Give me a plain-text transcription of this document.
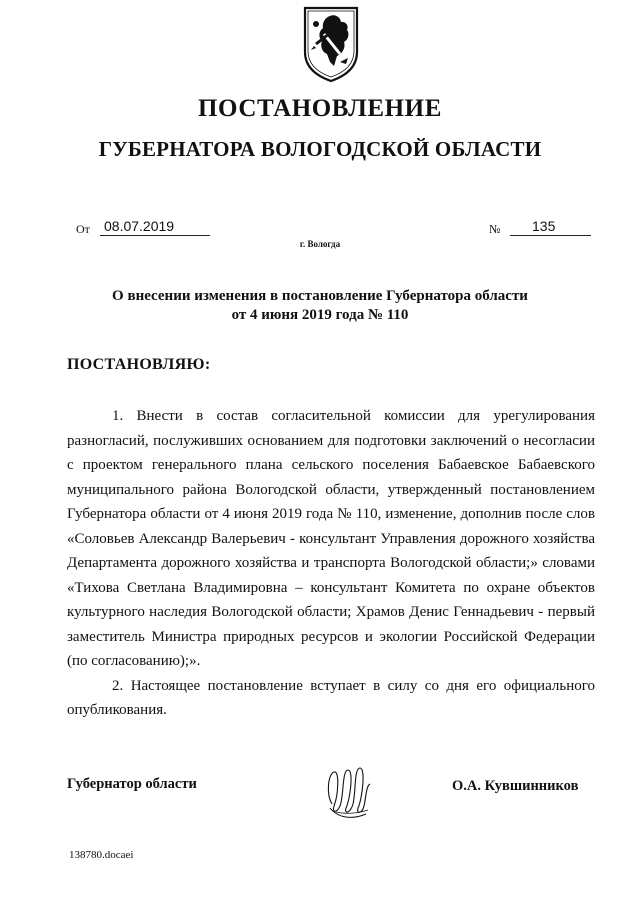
ПОСТАНОВЛЕНИЕ
ГУБЕРНАТОРА ВОЛОГОДСКОЙ ОБЛАСТИ
От 08.07.2019	№	135
г. Вологда
О внесении изменения в постановление Губернатора области
от 4 июня 2019 года № 110
ПОСТАНОВЛЯЮ:

1. Внести в состав согласительной комиссии для урегулирования разногласий, послуживших основанием для подготовки заключений о несогласии с проектом генерального плана сельского поселения Бабаевское Бабаевского муниципального района Вологодской области, утвержденный постановлением Губернатора области от 4 июня 2019 года № 110, изменение, дополнив после слов «Соловьев Александр Валерьевич - консультант Управления дорожного хозяйства Департамента дорожного хозяйства и транспорта Вологодской области;» словами «Тихова Светлана Владимировна – консультант Комитета по охране объектов культурного наследия Вологодской области; Храмов Денис Геннадьевич - первый заместитель Министра природных ресурсов и экологии Российской Федерации (по согласованию);».

2. Настоящее постановление вступает в силу со дня его официального опубликования.

Губернатор области	О.А. Кувшинников
138780.docaei
